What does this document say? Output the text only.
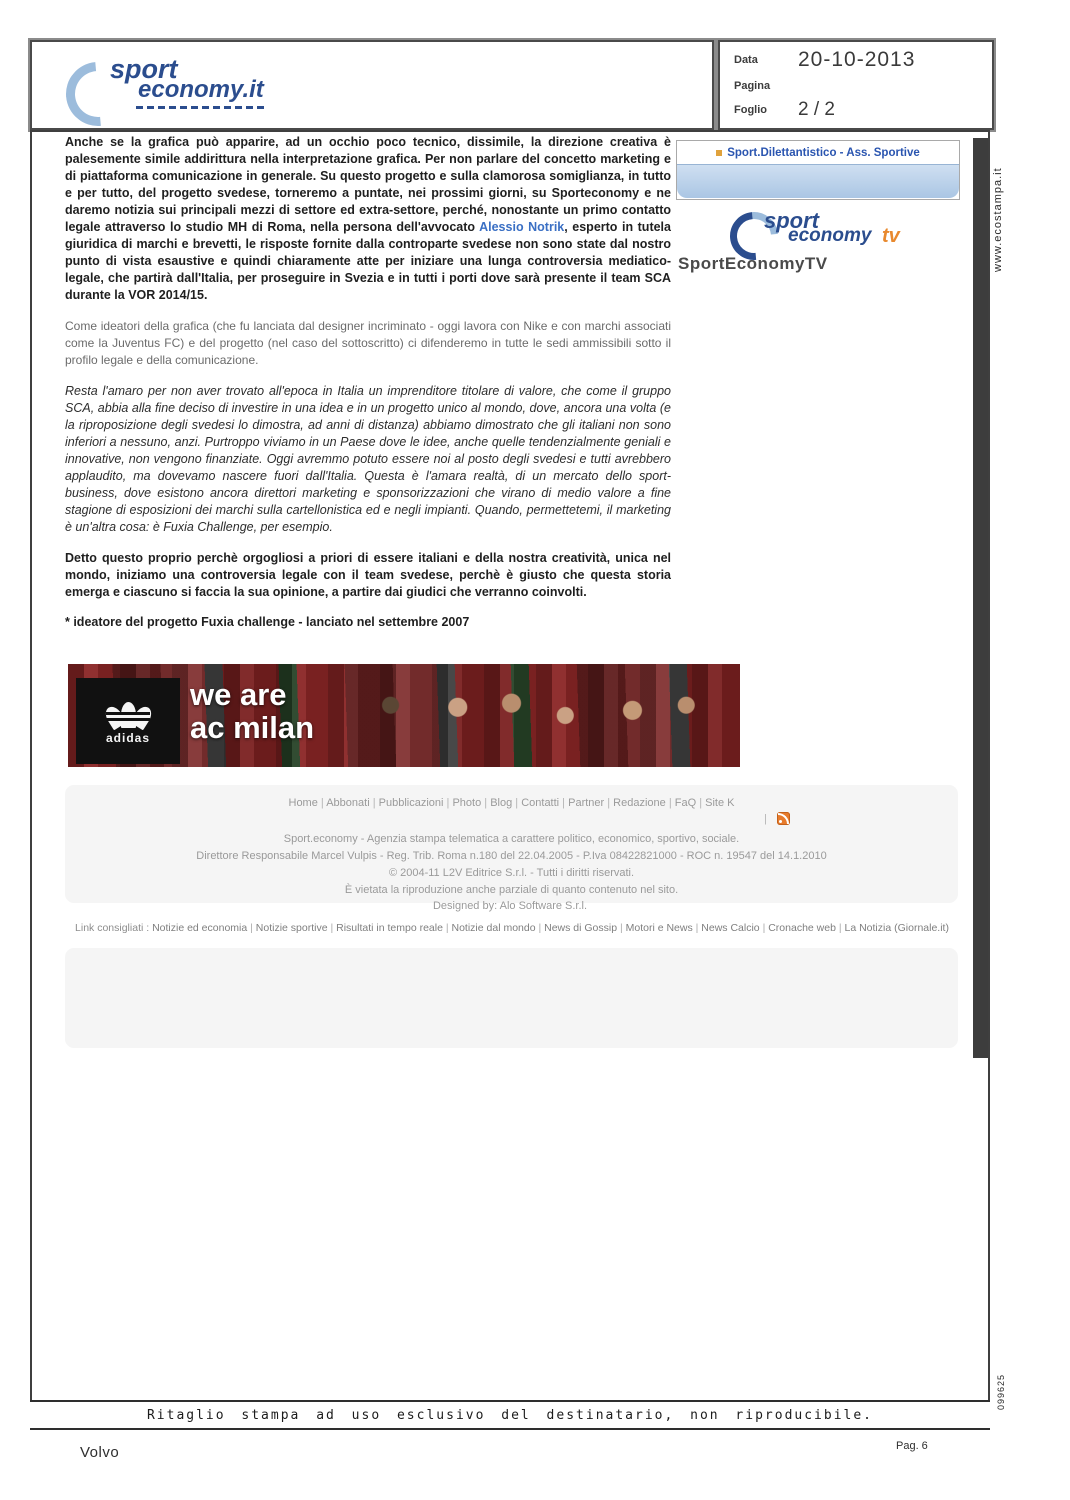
sport
economy.it
Data 20-10-2013
Pagina
Foglio 2 / 2

Anche se la grafica può apparire, ad un occhio poco tecnico, dissimile, la direzione creativa è palesemente simile addirittura nella interpretazione grafica. Per non parlare del concetto marketing e di piattaforma comunicazione in generale. Su questo progetto e sulla clamorosa somiglianza, in tutto e per tutto, del progetto svedese, torneremo a puntate, nei prossimi giorni, su Sporteconomy e ne daremo notizia sui principali mezzi di settore ed extra-settore, perché, nonostante un primo contatto legale attraverso lo studio MH di Roma, nella persona dell'avvocato Alessio Notrik, esperto in tutela giuridica di marchi e brevetti, le risposte fornite dalla controparte svedese non sono state dal nostro punto di vista esaustive e quindi chiaramente atte per iniziare una lunga controversia mediatico-legale, che partirà dall'Italia, per proseguire in Svezia e in tutti i porti dove sarà presente il team SCA durante la VOR 2014/15.

Come ideatori della grafica (che fu lanciata dal designer incriminato - oggi lavora con Nike e con marchi associati come la Juventus FC) e del progetto (nel caso del sottoscritto) ci difenderemo in tutte le sedi ammissibili sotto il profilo legale e della comunicazione.

Resta l'amaro per non aver trovato all'epoca in Italia un imprenditore titolare di valore, che come il gruppo SCA, abbia alla fine deciso di investire in una idea e in un progetto unico al mondo, dove, ancora una volta (e la riproposizione degli svedesi lo dimostra, ad anni di distanza) abbiamo dimostrato che gli italiani non sono inferiori a nessuno, anzi. Purtroppo viviamo in un Paese dove le idee, anche quelle tendenzialmente geniali e innovative, non vengono finanziate. Oggi avremmo potuto essere noi al posto degli svedesi e tutti avrebbero applaudito, ma dovevamo nascere fuori dall'Italia. Questa è l'amara realtà, di un mercato dello sport-business, dove esistono ancora direttori marketing e sponsorizzazioni che virano di medio valore a fine stagione di esposizioni dei marchi sulla cartellonistica ed e negli impianti. Quando, permettetemi, il marketing è un'altra cosa: è Fuxia Challenge, per esempio.

Detto questo proprio perchè orgogliosi a priori di essere italiani e della nostra creatività, unica nel mondo, iniziamo una controversia legale con il team svedese, perchè è giusto che questa storia emerga e ciascuno si faccia la sua opinione, a partire dai giudici che verranno coinvolti.

* ideatore del progetto Fuxia challenge - lanciato nel settembre 2007

Sport.Dilettantistico - Ass. Sportive
sport
economy tv
SportEconomyTV
adidas
we are
ac milan
Home | Abbonati | Pubblicazioni | Photo | Blog | Contatti | Partner | Redazione | FaQ | Site K
|
Sport.economy - Agenzia stampa telematica a carattere politico, economico, sportivo, sociale.
Direttore Responsabile Marcel Vulpis - Reg. Trib. Roma n.180 del 22.04.2005 - P.Iva 08422821000 - ROC n. 19547 del 14.1.2010
© 2004-11 L2V Editrice S.r.l. - Tutti i diritti riservati.
È vietata la riproduzione anche parziale di quanto contenuto nel sito.
Designed by: Alo Software S.r.l.
Link consigliati : Notizie ed economia | Notizie sportive | Risultati in tempo reale | Notizie dal mondo | News di Gossip | Motori e News | News Calcio | Cronache web | La Notizia (Giornale.it)
Ritaglio stampa ad uso esclusivo del destinatario, non riproducibile.
Volvo	Pag. 6
www.ecostampa.it
099625
